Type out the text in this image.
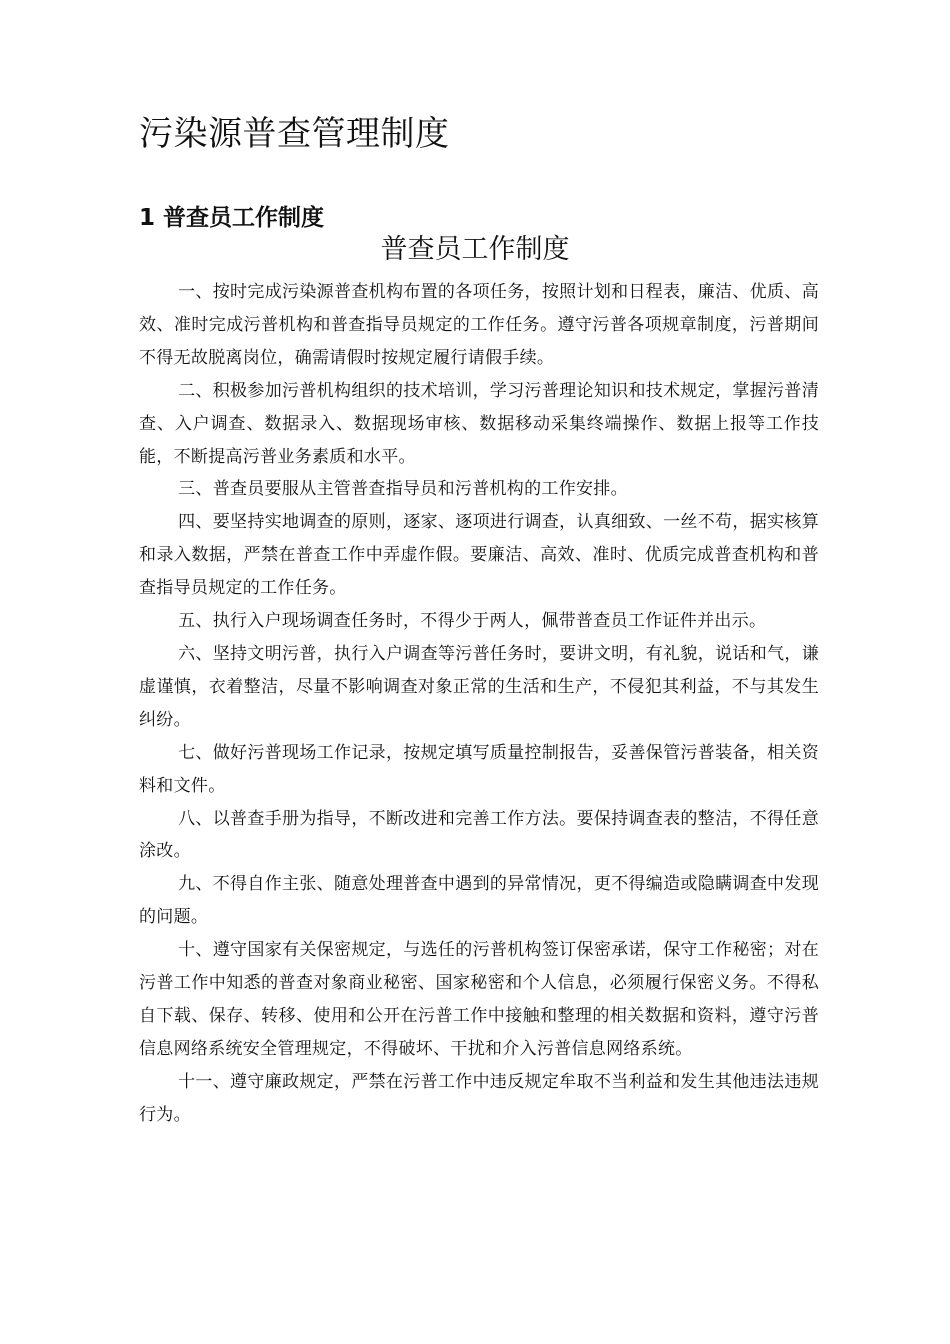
污染源普查管理制度
1 普查员工作制度
普查员工作制度

一、按时完成污染源普查机构布置的各项任务，按照计划和日程表，廉洁、优质、高效、准时完成污普机构和普查指导员规定的工作任务。遵守污普各项规章制度，污普期间不得无故脱离岗位，确需请假时按规定履行请假手续。

二、积极参加污普机构组织的技术培训，学习污普理论知识和技术规定，掌握污普清查、入户调查、数据录入、数据现场审核、数据移动采集终端操作、数据上报等工作技能，不断提高污普业务素质和水平。

三、普查员要服从主管普查指导员和污普机构的工作安排。

四、要坚持实地调查的原则，逐家、逐项进行调查，认真细致、一丝不苟，据实核算和录入数据，严禁在普查工作中弄虚作假。要廉洁、高效、准时、优质完成普查机构和普查指导员规定的工作任务。

五、执行入户现场调查任务时，不得少于两人，佩带普查员工作证件并出示。

六、坚持文明污普，执行入户调查等污普任务时，要讲文明，有礼貌，说话和气，谦虚谨慎，衣着整洁，尽量不影响调查对象正常的生活和生产，不侵犯其利益，不与其发生纠纷。

七、做好污普现场工作记录，按规定填写质量控制报告，妥善保管污普装备，相关资料和文件。

八、以普查手册为指导，不断改进和完善工作方法。要保持调查表的整洁，不得任意涂改。

九、不得自作主张、随意处理普查中遇到的异常情况，更不得编造或隐瞒调查中发现的问题。

十、遵守国家有关保密规定，与选任的污普机构签订保密承诺，保守工作秘密；对在污普工作中知悉的普查对象商业秘密、国家秘密和个人信息，必须履行保密义务。不得私自下载、保存、转移、使用和公开在污普工作中接触和整理的相关数据和资料，遵守污普信息网络系统安全管理规定，不得破坏、干扰和介入污普信息网络系统。

十一、遵守廉政规定，严禁在污普工作中违反规定牟取不当利益和发生其他违法违规行为。
